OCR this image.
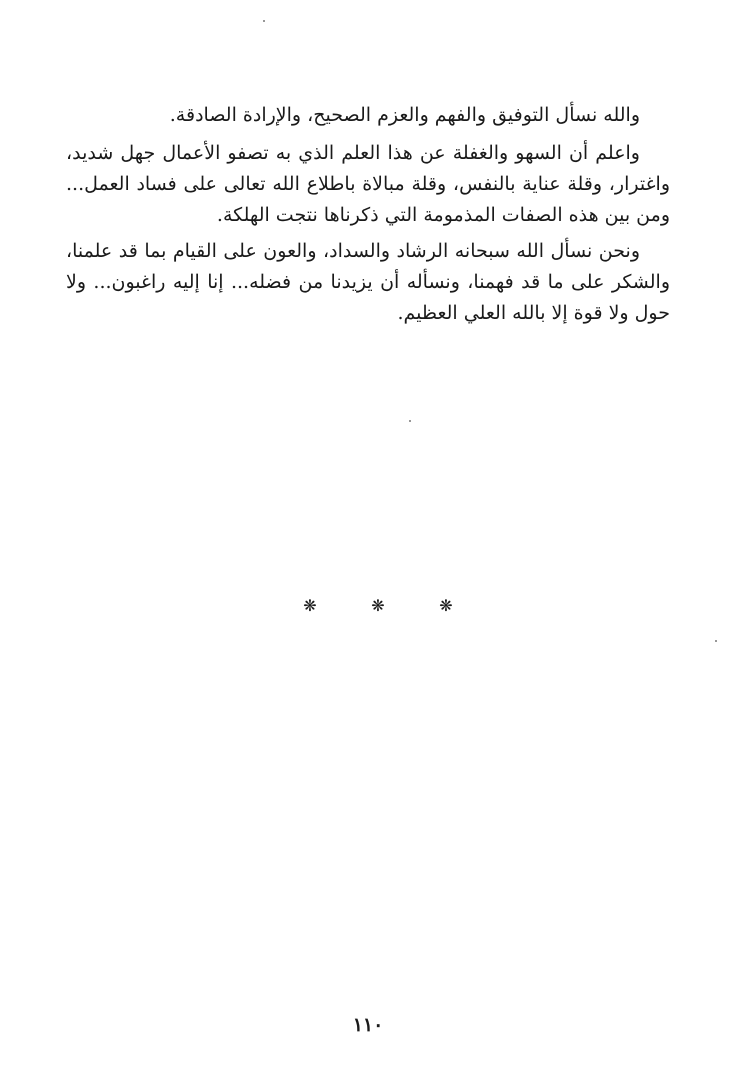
والله نسأل التوفيق والفهم والعزم الصحيح، والإرادة الصادقة.

واعلم أن السهو والغفلة عن هذا العلم الذي به تصفو الأعمال جهل شديد، واغترار، وقلة عناية بالنفس، وقلة مبالاة باطلاع الله تعالى على فساد العمل... ومن بين هذه الصفات المذمومة التي ذكرناها نتجت الهلكة.

ونحن نسأل الله سبحانه الرشاد والسداد، والعون على القيام بما قد علمنا، والشكر على ما قد فهمنا، ونسأله أن يزيدنا من فضله... إنا إليه راغبون... ولا حول ولا قوة إلا بالله العلي العظيم.

❋
❋
❋
١١٠
